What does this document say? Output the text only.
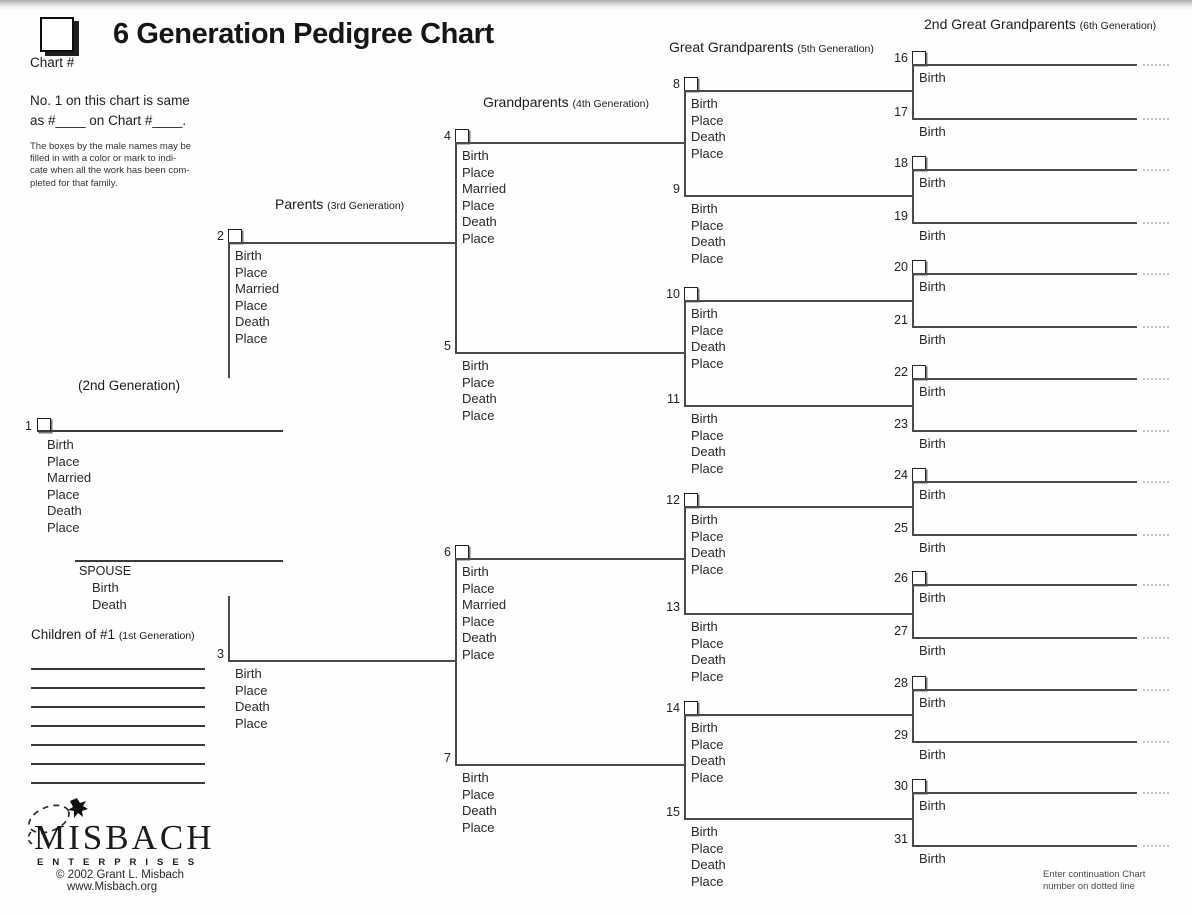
Chart #
6 Generation Pedigree Chart
No. 1 on this chart is same
as #____ on Chart #____.
The boxes by the male names may be
filled in with a color or mark to indi-
cate when all the work has been com-
pleted for that family.
Parents (3rd Generation)
Grandparents (4th Generation)
Great Grandparents (5th Generation)
2nd Great Grandparents (6th Generation)
(2nd Generation)
1
Birth
Place
Married
Place
Death
Place
SPOUSE
Birth
Death
Children of #1 (1st Generation)
2
Birth
Place
Married
Place
Death
Place
3
Birth
Place
Death
Place
4
Birth
Place
Married
Place
Death
Place
5
Birth
Place
Death
Place
6
Birth
Place
Married
Place
Death
Place
7
Birth
Place
Death
Place
8
Birth
Place
Death
Place
9
Birth
Place
Death
Place
10
Birth
Place
Death
Place
11
Birth
Place
Death
Place
12
Birth
Place
Death
Place
13
Birth
Place
Death
Place
14
Birth
Place
Death
Place
15
Birth
Place
Death
Place
16
Birth
17
Birth
18
Birth
19
Birth
20
Birth
21
Birth
22
Birth
23
Birth
24
Birth
25
Birth
26
Birth
27
Birth
28
Birth
29
Birth
30
Birth
31
Birth
Enter continuation Chart
number on dotted line
MISBACH
ENTERPRISES
© 2002 Grant L. Misbach
www.Misbach.org
